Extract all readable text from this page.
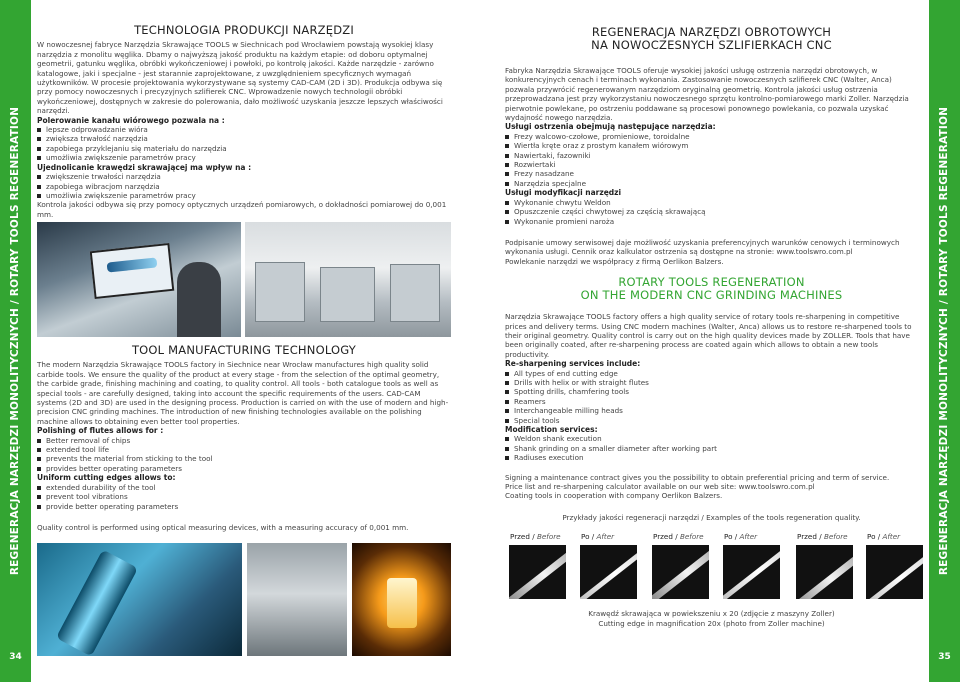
REGENERACJA NARZĘDZI MONOLITYCZNYCH / ROTARY TOOLS REGENERATION
34
REGENERACJA NARZĘDZI MONOLITYCZNYCH / ROTARY TOOLS REGENERATION
35
TECHNOLOGIA PRODUKCJI NARZĘDZI

W nowoczesnej fabryce Narzędzia Skrawające TOOLS w Siechnicach pod Wrocławiem powstają wysokiej klasy narzędzia z monolitu węglika. Dbamy o najwyższą jakość produktu na każdym etapie: od doboru optymalnej geometrii, gatunku węglika, obróbki wykończeniowej i powłoki, po kontrolę jakości. Każde narzędzie - zarówno katalogowe, jaki i specjalne - jest starannie zaprojektowane, z uwzględnieniem specyficznych wymagań użytkowników. W procesie projektowania wykorzystywane są systemy CAD-CAM (2D i 3D). Produkcja odbywa się przy pomocy nowoczesnych i precyzyjnych szlifierek CNC. Wprowadzenie nowych technologii obróbki wykończeniowej, dostępnych w zakresie do polerowania, dało możliwość uzyskania jeszcze lepszych właściwości narzędzi.

Polerowanie kanału wiórowego pozwala na :
lepsze odprowadzanie wióra
zwiększa trwałość narzędzia
zapobiega przyklejaniu się materiału do narzędzia
umożliwia zwiększenie parametrów pracy
Ujednolicanie krawędzi skrawającej ma wpływ na :
zwiększenie trwałości narzędzia
zapobiega wibracjom narzędzia
umożliwia zwiększenie parametrów pracy
Kontrola jakości odbywa się przy pomocy optycznych urządzeń pomiarowych, o dokładności pomiarowej do 0,001 mm.
TOOL MANUFACTURING TECHNOLOGY

The modern Narzędzia Skrawające TOOLS factory in Siechnice near Wrocław manufactures high quality solid carbide tools. We ensure the quality of the product at every stage - from the selection of the optimal geometry, the carbide grade, finishing machining and coating, to quality control. All tools - both catalogue tools as well as special tools - are carefully designed, taking into account the specific requirements of the users. CAD-CAM systems (2D and 3D) are used in the designing process. Production is carried on with the use of modern and high-precision CNC grinding machines. The introduction of new finishing technologies available on the polishing machine allows to obtaining even better tool properties.

Polishing of flutes allows for :
Better removal of chips
extended tool life
prevents the material from sticking to the tool
provides better operating parameters
Uniform cutting edges allows to:
extended durability of the tool
prevent tool vibrations
provide better operating parameters
Quality control is performed using optical measuring devices, with a measuring accuracy of 0,001 mm.
REGENERACJA NARZĘDZI OBROTOWYCH
NA NOWOCZESNYCH SZLIFIERKACH CNC

Fabryka Narzędzia Skrawające TOOLS oferuje wysokiej jakości usługę ostrzenia narzędzi obrotowych, w konkurencyjnych cenach i terminach wykonania. Zastosowanie nowoczesnych szlifierek CNC (Walter, Anca) pozwala przywrócić regenerowanym narzędziom oryginalną geometrię. Kontrola jakości usług ostrzenia przeprowadzana jest przy wykorzystaniu nowoczesnego sprzętu kontrolno-pomiarowego marki Zoller. Narzędzia pierwotnie powlekane, po ostrzeniu poddawane są procesowi ponownego powlekania, co pozwala uzyskać wydajność nowego narzędzia.

Usługi ostrzenia obejmują następujące narzędzia:
Frezy walcowo-czołowe, promieniowe, toroidalne
Wiertła kręte oraz z prostym kanałem wiórowym
Nawiertaki, fazowniki
Rozwiertaki
Frezy nasadzane
Narzędzia specjalne
Usługi modyfikacji narzędzi
Wykonanie chwytu Weldon
Opuszczenie części chwytowej za częścią skrawającą
Wykonanie promieni naroża

Podpisanie umowy serwisowej daje możliwość uzyskania preferencyjnych warunków cenowych i terminowych wykonania usługi. Cennik oraz kalkulator ostrzenia są dostępne na stronie: www.toolswro.com.pl

Powlekanie narzędzi we współpracy z firmą Oerlikon Balzers.
ROTARY TOOLS REGENERATION
ON THE MODERN CNC GRINDING MACHINES

Narzędzia Skrawające TOOLS factory offers a high quality service of rotary tools re-sharpening in competitive prices and delivery terms. Using CNC modern machines (Walter, Anca) allows us to restore re-sharpened tools to their original geometry. Quality control is carry out on the high quality devices made by ZOLLER. Tools that have been originally coated, after re-sharpening process are coated again which allows to obtain a new tools productivity.

Re-sharpening services include:
All types of end cutting edge
Drills with helix or with straight flutes
Spotting drills, chamfering tools
Reamers
Interchangeable milling heads
Special tools
Modification services:
Weldon shank execution
Shank grinding on a smaller diameter after working part
Radiuses execution

Signing a maintenance contract gives you the possibility to obtain preferential pricing and term of service.

Price list and re-sharpening calculator available on our web site: www.toolswro.com.pl
Coating tools in cooperation with company Oerlikon Balzers.
Przykłady jakości regeneracji narzędzi / Examples of the tools regeneration quality.
Przed / Before	Po / After	Przed / Before	Po / After	Przed / Before	Po / After
Krawędź skrawająca w powiekszeniu x 20 (zdjęcie z maszyny Zoller)
Cutting edge in magnification 20x (photo from Zoller machine)
